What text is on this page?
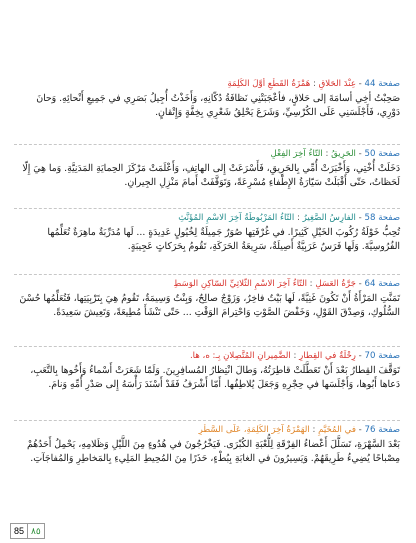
صفحة 44 - عِنْدَ الحَلاقِ : هَمْزَةُ القَطْعِ أَوَّلَ الكَلِمَةِ
صَحِبْتُ أخِي أسامَةَ إلى حَلاقٍ، فأعْجَبَتْنِي نَظافَةُ دُكّانِهِ، وَأَخَذْتُ أُجِيلُ بَصَرِي في جَمِيعِ أَنْحائِهِ. وَحانَ دَوْرِي، فَأَجْلَسَنِي عَلَى الكُرْسِيِّ، وَشَرَعَ يَحْلِقُ شَعْرِي بِخِفَّةٍ وَإِتْقانٍ.
صفحة 50 - الحَرِيقُ : التّاءُ آخِرَ الفِعْلِ
دَخَلَتْ أُخْتِي، وَأَخْبَرَتْ أُمِّي بِالحَرِيقِ، فَأَسْرَعَتْ إِلى الهاتِفِ، وَأَعْلَمَتْ مَرْكَزَ الحِمايَةِ المَدَنِيَّةِ. وَما هِيَ إِلّا لَحَظاتٌ، حَتّى أَقْبَلَتْ سَيّارَةُ الإِطْفاءِ مُسْرِعَةً، وَتَوَقَّفَتْ أَمامَ مَنْزِلِ الجِيرانِ.
صفحة 58 - الفارِسُ الصَّغِيرُ : التّاءُ المَرْبُوطَةُ آخِرَ الاسْمِ المُؤَنَّثِ
تُحِبُّ خَوْلَةُ رُكُوبَ الخَيْلِ كَثِيرًا. في غُرْفَتِها صُوَرٌ جَمِيلَةٌ لِخُيُولٍ عَدِيدَةٍ ... لَها مُدَرِّبَةٌ ماهِرَةٌ تُعَلِّمُها الفُرُوسِيَّةَ. وَلَها فَرَسٌ عَرَبِيَّةٌ أَصِيلَةٌ، سَرِيعَةُ الحَرَكَةِ، تَقُومُ بِحَرَكاتٍ عَجِيبَةٍ.
صفحة 64 - جَرَّةُ العَسَلِ : التّاءُ آخِرَ الاسْمِ الثُّلاثِيِّ السّاكِنِ الوَسَطِ
تَمَنَّتِ المَرْأَةُ أَنْ تَكُونَ غَنِيَّةً، لَها بَيْتٌ فاخِرٌ، وَزَوْجٌ صالِحٌ، وَبِنْتٌ وَسِيمَةٌ، تَقُومُ هِيَ بِتَرْبِيَتِها، فَتُعَلِّمُها حُسْنَ السُّلُوكِ، وَصِدْقَ القَوْلِ، وَخَفْضَ الصَّوْتِ وَاحْتِرامَ الوَقْتِ ... حَتّى تَنْشَأَ مُطِيعَةً، وَتَعِيشَ سَعِيدَةً.
صفحة 70 - رِحْلَةٌ في القِطارِ : الضَّمِيرانِ المُتَّصِلانِ بِـ: ه، ها.
تَوَقَّفَ القِطارُ بَعْدَ أَنْ تَعَطَّلَتْ قاطِرَتُهُ، وَطالَ انْتِظارُ المُسافِرِينَ. وَلَمّا شَعَرَتْ أَسْماءُ وَأَخُوها بِالتَّعَبِ، دَعاها أَبُوها، وَأَجْلَسَها في حِجْرِهِ وَجَعَلَ يُلاطِفُها. أَمّا أَشْرَفُ فَقَدْ أَسْنَدَ رَأْسَهُ إِلى صَدْرِ أُمِّهِ وَنامَ.
صفحة 76 - في المُخَيَّمِ : الهَمْزَةُ آخِرَ الكَلِمَةِ، عَلَى السَّطْرِ
بَعْدَ السَّهْرَةِ، تَسَلَّلَ أَعْضاءُ الفِرْقَةِ لِلُّعْبَةِ الكُبْرَى. فَيَخْرُجُونَ في هُدُوءٍ مِنَ اللَّيْلِ وَظَلامِهِ، يَحْمِلُ أَحَدُهُمْ مِصْباحًا يُضِيءُ طَرِيقَهُمْ. وَيَسِيرُونَ في الغابَةِ بِبُطْءٍ، حَذَرًا مِنَ المُحِيطِ المَلِيءِ بِالمَخاطِرِ وَالمُفاجَآتِ.
85 ٨٥
